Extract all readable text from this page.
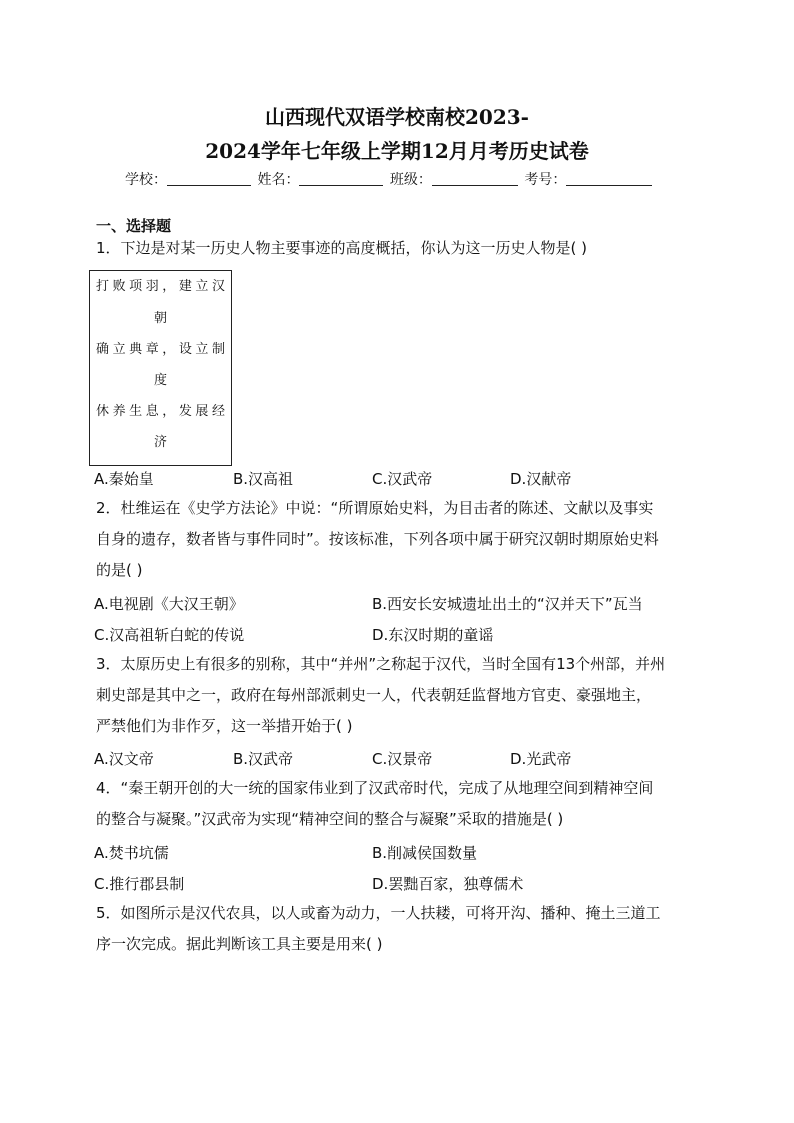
山西现代双语学校南校2023-
2024学年七年级上学期12月月考历史试卷
学校：	姓名：	班级：	考号：
一、选择题
1．下边是对某一历史人物主要事迹的高度概括，你认为这一历史人物是( )
打败项羽，建立汉
朝
确立典章，设立制
度
休养生息，发展经
济
A.秦始皇	B.汉高祖	C.汉武帝	D.汉献帝
2．杜维运在《史学方法论》中说：“所谓原始史料，为目击者的陈述、文献以及事实
自身的遗存，数者皆与事件同时”。按该标准，下列各项中属于研究汉朝时期原始史料
的是( )
A.电视剧《大汉王朝》	B.西安长安城遗址出土的“汉并天下”瓦当
C.汉高祖斩白蛇的传说	D.东汉时期的童谣
3．太原历史上有很多的别称，其中“并州”之称起于汉代，当时全国有13个州部，并州
刺史部是其中之一，政府在每州部派刺史一人，代表朝廷监督地方官吏、豪强地主，
严禁他们为非作歹，这一举措开始于( )
A.汉文帝	B.汉武帝	C.汉景帝	D.光武帝
4．“秦王朝开创的大一统的国家伟业到了汉武帝时代，完成了从地理空间到精神空间
的整合与凝聚。”汉武帝为实现“精神空间的整合与凝聚”采取的措施是( )
A.焚书坑儒	B.削减侯国数量
C.推行郡县制	D.罢黜百家，独尊儒术
5．如图所示是汉代农具，以人或畜为动力，一人扶耧，可将开沟、播种、掩土三道工
序一次完成。据此判断该工具主要是用来( )
